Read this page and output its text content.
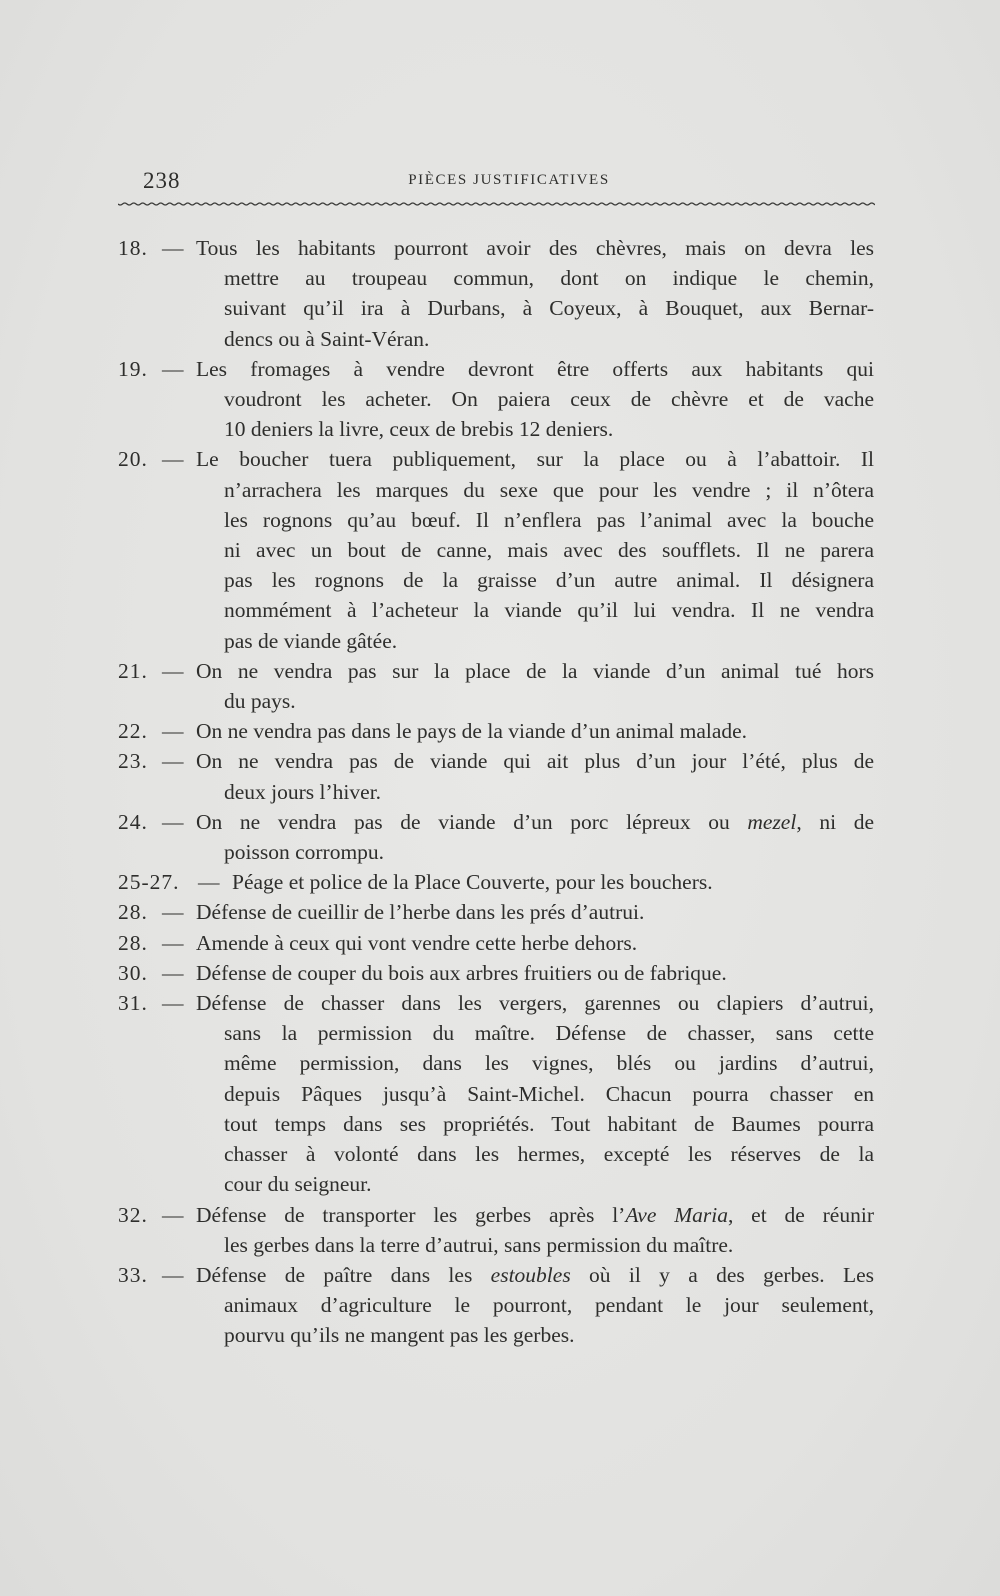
238	PIÈCES JUSTIFICATIVES
18. — Tous les habitants pourront avoir des chèvres, mais on devra les
mettre au troupeau commun, dont on indique le chemin,
suivant qu’il ira à Durbans, à Coyeux, à Bouquet, aux Bernar-
dencs ou à Saint-Véran.
19. — Les fromages à vendre devront être offerts aux habitants qui
voudront les acheter. On paiera ceux de chèvre et de vache
10 deniers la livre, ceux de brebis 12 deniers.
20. — Le boucher tuera publiquement, sur la place ou à l’abattoir. Il
n’arrachera les marques du sexe que pour les vendre ; il n’ôtera
les rognons qu’au bœuf. Il n’enflera pas l’animal avec la bouche
ni avec un bout de canne, mais avec des soufflets. Il ne parera
pas les rognons de la graisse d’un autre animal. Il désignera
nommément à l’acheteur la viande qu’il lui vendra. Il ne vendra
pas de viande gâtée.
21. — On ne vendra pas sur la place de la viande d’un animal tué hors
du pays.
22. — On ne vendra pas dans le pays de la viande d’un animal malade.
23. — On ne vendra pas de viande qui ait plus d’un jour l’été, plus de
deux jours l’hiver.
24. — On ne vendra pas de viande d’un porc lépreux ou mezel, ni de
poisson corrompu.
25-27. — Péage et police de la Place Couverte, pour les bouchers.
28. — Défense de cueillir de l’herbe dans les prés d’autrui.
28. — Amende à ceux qui vont vendre cette herbe dehors.
30. — Défense de couper du bois aux arbres fruitiers ou de fabrique.
31. — Défense de chasser dans les vergers, garennes ou clapiers d’autrui,
sans la permission du maître. Défense de chasser, sans cette
même permission, dans les vignes, blés ou jardins d’autrui,
depuis Pâques jusqu’à Saint-Michel. Chacun pourra chasser en
tout temps dans ses propriétés. Tout habitant de Baumes pourra
chasser à volonté dans les hermes, excepté les réserves de la
cour du seigneur.
32. — Défense de transporter les gerbes après l’Ave Maria, et de réunir
les gerbes dans la terre d’autrui, sans permission du maître.
33. — Défense de paître dans les estoubles où il y a des gerbes. Les
animaux d’agriculture le pourront, pendant le jour seulement,
pourvu qu’ils ne mangent pas les gerbes.
